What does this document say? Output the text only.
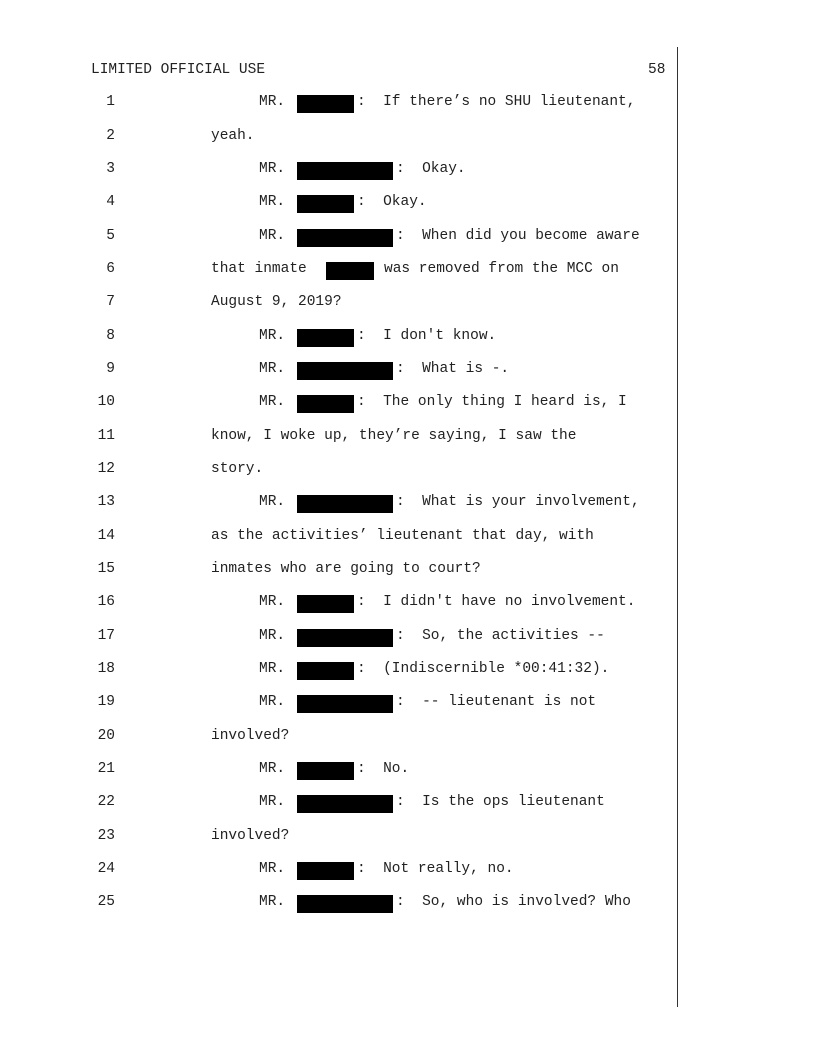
LIMITED OFFICIAL USE	58
1	MR.	:  If there’s no SHU lieutenant,
2	yeah.
3	MR.	:  Okay.
4	MR.	:  Okay.
5	MR.	:  When did you become aware
6	that inmate	was removed from the MCC on
7	August 9, 2019?
8	MR.	:  I don't know.
9	MR.	:  What is -.
10	MR.	:  The only thing I heard is, I
11	know, I woke up, they’re saying, I saw the
12	story.
13	MR.	:  What is your involvement,
14	as the activities’ lieutenant that day, with
15	inmates who are going to court?
16	MR.	:  I didn't have no involvement.
17	MR.	:  So, the activities --
18	MR.	:  (Indiscernible *00:41:32).
19	MR.	:  -- lieutenant is not
20	involved?
21	MR.	:  No.
22	MR.	:  Is the ops lieutenant
23	involved?
24	MR.	:  Not really, no.
25	MR.	:  So, who is involved? Who
